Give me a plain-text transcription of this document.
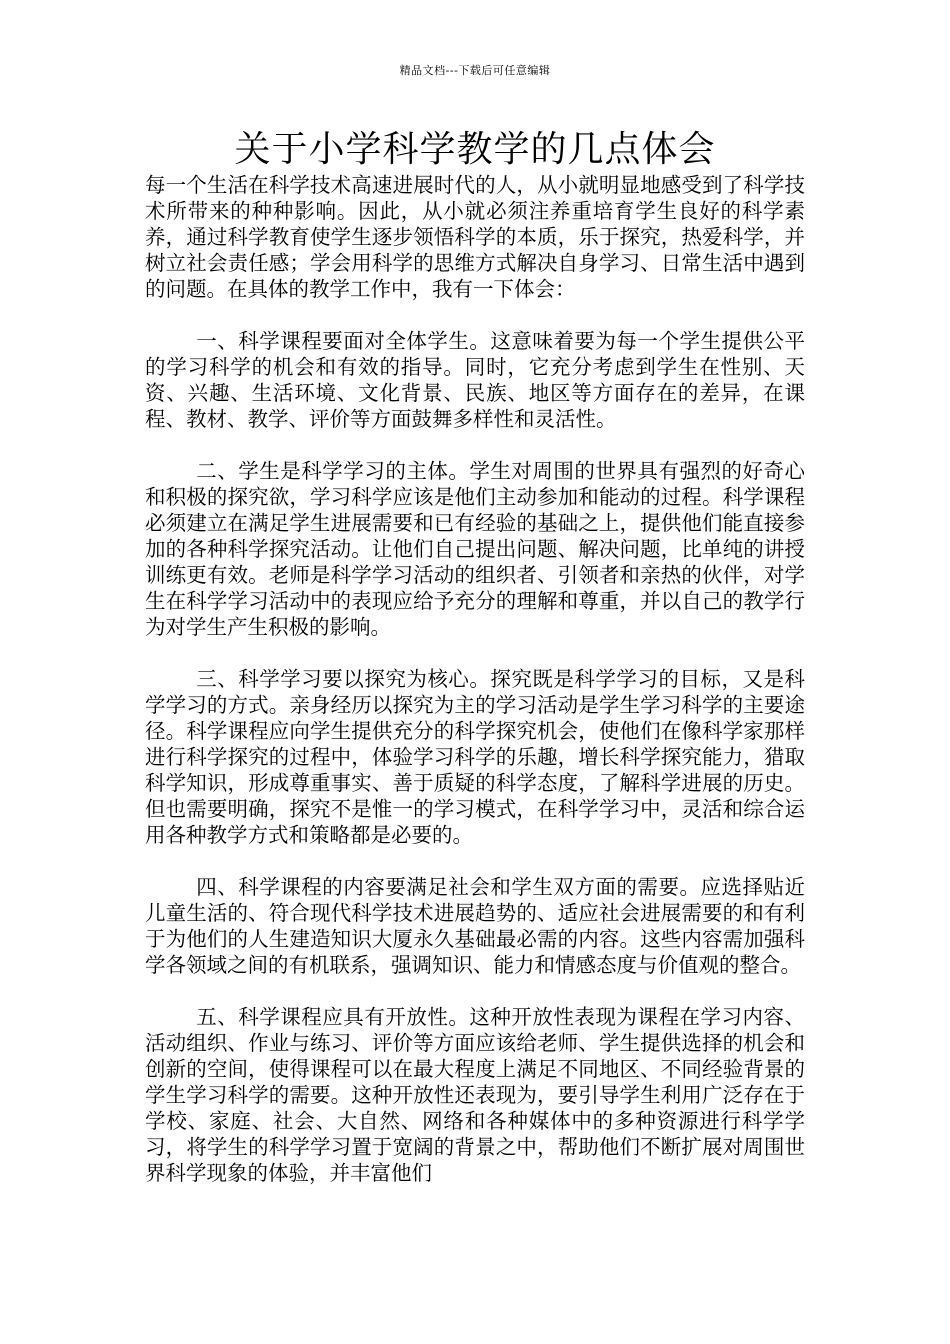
精品文档---下载后可任意编辑
关于小学科学教学的几点体会

每一个生活在科学技术高速进展时代的人，从小就明显地感受到了科学技术所带来的种种影响。因此，从小就必须注养重培育学生良好的科学素养，通过科学教育使学生逐步领悟科学的本质，乐于探究，热爱科学，并树立社会责任感；学会用科学的思维方式解决自身学习、日常生活中遇到的问题。在具体的教学工作中，我有一下体会：

一、科学课程要面对全体学生。这意味着要为每一个学生提供公平的学习科学的机会和有效的指导。同时，它充分考虑到学生在性别、天资、兴趣、生活环境、文化背景、民族、地区等方面存在的差异，在课程、教材、教学、评价等方面鼓舞多样性和灵活性。

二、学生是科学学习的主体。学生对周围的世界具有强烈的好奇心和积极的探究欲，学习科学应该是他们主动参加和能动的过程。科学课程必须建立在满足学生进展需要和已有经验的基础之上，提供他们能直接参加的各种科学探究活动。让他们自己提出问题、解决问题，比单纯的讲授训练更有效。老师是科学学习活动的组织者、引领者和亲热的伙伴，对学生在科学学习活动中的表现应给予充分的理解和尊重，并以自己的教学行为对学生产生积极的影响。

三、科学学习要以探究为核心。探究既是科学学习的目标，又是科学学习的方式。亲身经历以探究为主的学习活动是学生学习科学的主要途径。科学课程应向学生提供充分的科学探究机会，使他们在像科学家那样进行科学探究的过程中，体验学习科学的乐趣，增长科学探究能力，猎取科学知识，形成尊重事实、善于质疑的科学态度，了解科学进展的历史。但也需要明确，探究不是惟一的学习模式，在科学学习中，灵活和综合运用各种教学方式和策略都是必要的。

四、科学课程的内容要满足社会和学生双方面的需要。应选择贴近儿童生活的、符合现代科学技术进展趋势的、适应社会进展需要的和有利于为他们的人生建造知识大厦永久基础最必需的内容。这些内容需加强科学各领域之间的有机联系，强调知识、能力和情感态度与价值观的整合。

五、科学课程应具有开放性。这种开放性表现为课程在学习内容、活动组织、作业与练习、评价等方面应该给老师、学生提供选择的机会和创新的空间，使得课程可以在最大程度上满足不同地区、不同经验背景的学生学习科学的需要。这种开放性还表现为，要引导学生利用广泛存在于学校、家庭、社会、大自然、网络和各种媒体中的多种资源进行科学学习，将学生的科学学习置于宽阔的背景之中，帮助他们不断扩展对周围世界科学现象的体验，并丰富他们
